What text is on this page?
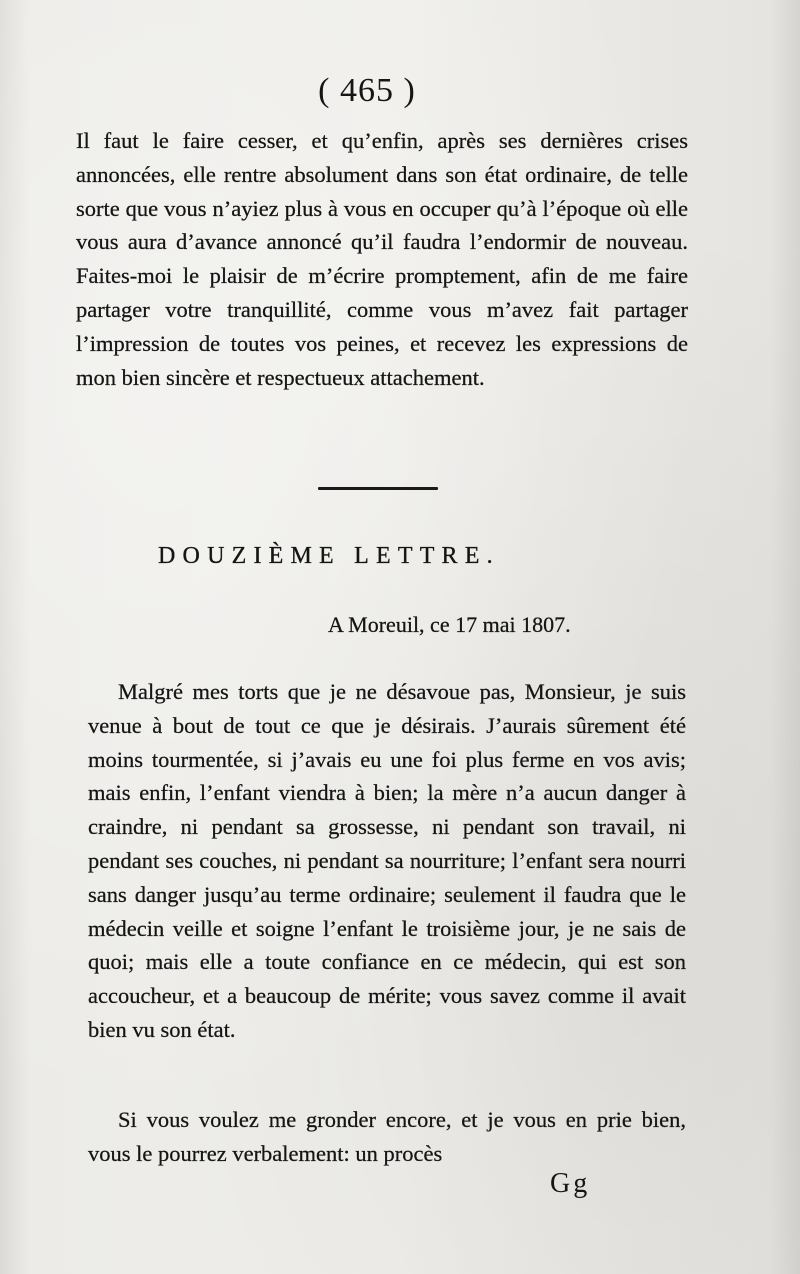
( 465 )

Il faut le faire cesser, et qu’enfin, après ses dernières crises annoncées, elle rentre absolument dans son état ordinaire, de telle sorte que vous n’ayiez plus à vous en occuper qu’à l’époque où elle vous aura d’avance annoncé qu’il faudra l’endormir de nouveau. Faites-moi le plaisir de m’écrire promptement, afin de me faire partager votre tranquillité, comme vous m’avez fait partager l’impression de toutes vos peines, et recevez les expressions de mon bien sincère et respectueux attachement.

DOUZIÈME LETTRE.

A Moreuil, ce 17 mai 1807.

Malgré mes torts que je ne désavoue pas, Monsieur, je suis venue à bout de tout ce que je désirais. J’aurais sûrement été moins tourmentée, si j’avais eu une foi plus ferme en vos avis; mais enfin, l’enfant viendra à bien; la mère n’a aucun danger à craindre, ni pendant sa grossesse, ni pendant son travail, ni pendant ses couches, ni pendant sa nourriture; l’enfant sera nourri sans danger jusqu’au terme ordinaire; seulement il faudra que le médecin veille et soigne l’enfant le troisième jour, je ne sais de quoi; mais elle a toute confiance en ce médecin, qui est son accoucheur, et a beaucoup de mérite; vous savez comme il avait bien vu son état.

Si vous voulez me gronder encore, et je vous en prie bien, vous le pourrez verbalement: un procès

Gg
